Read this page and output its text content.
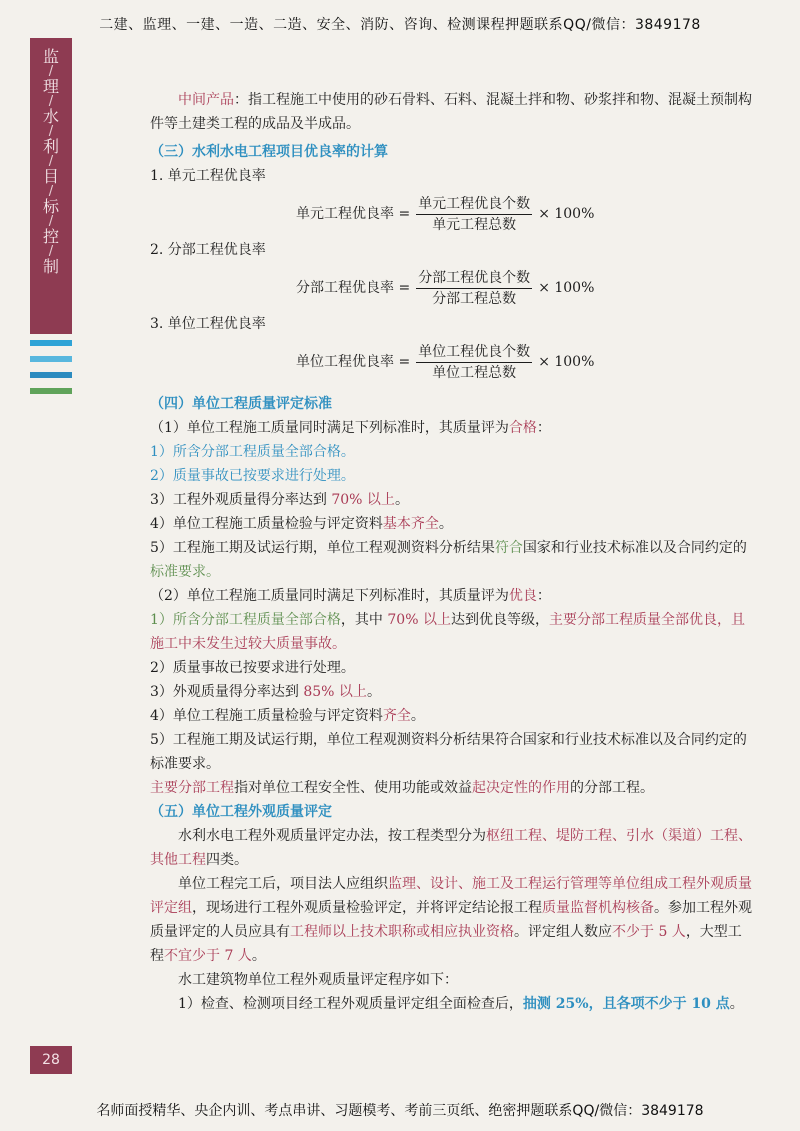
二建、监理、一建、一造、二造、安全、消防、咨询、检测课程押题联系QQ/微信：3849178
监
/
理
/
水
/
利
/
目
/
标
/
控
/
制

中间产品：指工程施工中使用的砂石骨料、石料、混凝土拌和物、砂浆拌和物、混凝土预制构件等土建类工程的成品及半成品。

（三）水利水电工程项目优良率的计算

1. 单元工程优良率

单元工程优良率 = $\frac{\text{单元工程优良个数}}{\text{单元工程总数}} \times 100\%$

2. 分部工程优良率

分部工程优良率 = $\frac{\text{分部工程优良个数}}{\text{分部工程总数}} \times 100\%$

3. 单位工程优良率

单位工程优良率 = $\frac{\text{单位工程优良个数}}{\text{单位工程总数}} \times 100\%$

（四）单位工程质量评定标准

（1）单位工程施工质量同时满足下列标准时，其质量评为合格：

1）所含分部工程质量全部合格。

2）质量事故已按要求进行处理。

3）工程外观质量得分率达到 70% 以上。

4）单位工程施工质量检验与评定资料基本齐全。

5）工程施工期及试运行期，单位工程观测资料分析结果符合国家和行业技术标准以及合同约定的标准要求。

（2）单位工程施工质量同时满足下列标准时，其质量评为优良：

1）所含分部工程质量全部合格，其中 70% 以上达到优良等级，主要分部工程质量全部优良，且施工中未发生过较大质量事故。

2）质量事故已按要求进行处理。

3）外观质量得分率达到 85% 以上。

4）单位工程施工质量检验与评定资料齐全。

5）工程施工期及试运行期，单位工程观测资料分析结果符合国家和行业技术标准以及合同约定的标准要求。

主要分部工程指对单位工程安全性、使用功能或效益起决定性的作用的分部工程。

（五）单位工程外观质量评定

水利水电工程外观质量评定办法，按工程类型分为枢纽工程、堤防工程、引水（渠道）工程、其他工程四类。

单位工程完工后，项目法人应组织监理、设计、施工及工程运行管理等单位组成工程外观质量评定组，现场进行工程外观质量检验评定，并将评定结论报工程质量监督机构核备。参加工程外观质量评定的人员应具有工程师以上技术职称或相应执业资格。评定组人数应不少于 5 人，大型工程不宜少于 7 人。

水工建筑物单位工程外观质量评定程序如下：

1）检查、检测项目经工程外观质量评定组全面检查后，抽测 25%，且各项不少于 10 点。

28
名师面授精华、央企内训、考点串讲、习题模考、考前三页纸、绝密押题联系QQ/微信：3849178
